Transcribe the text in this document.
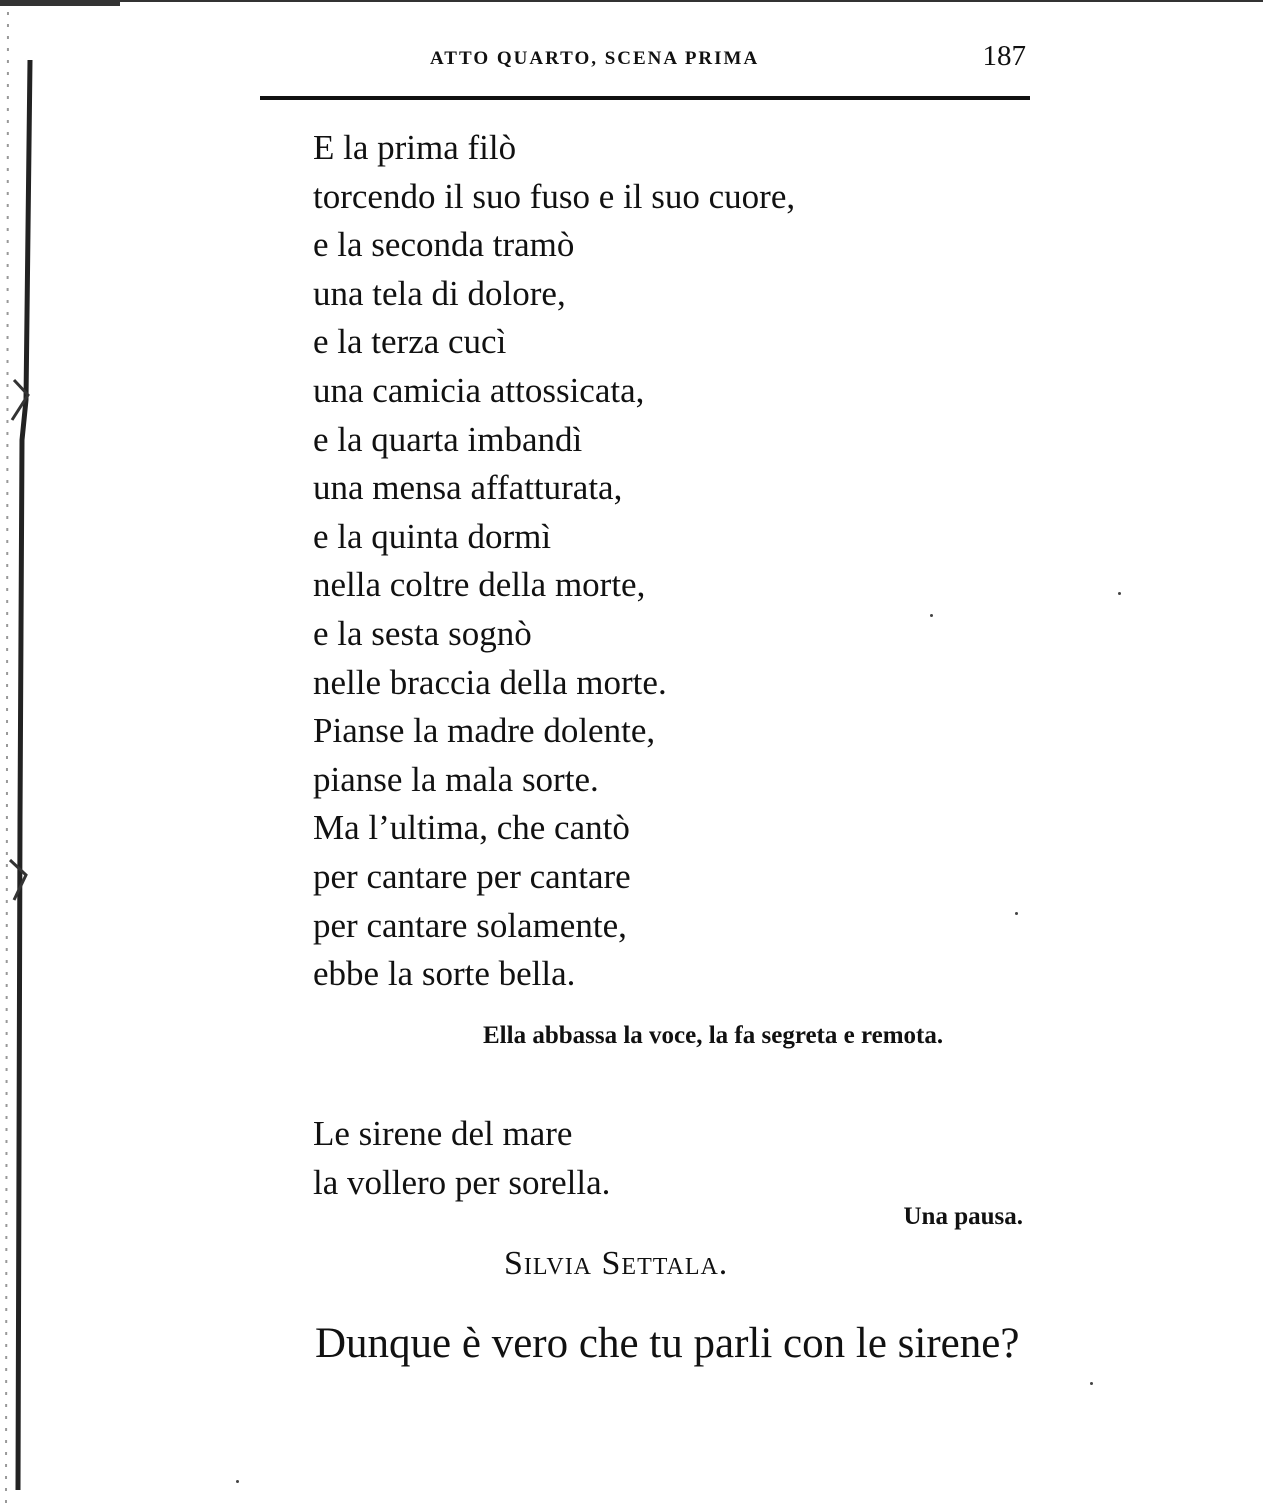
ATTO QUARTO, SCENA PRIMA	187
E la prima filò
torcendo il suo fuso e il suo cuore,
e la seconda tramò
una tela di dolore,
e la terza cucì
una camicia attossicata,
e la quarta imbandì
una mensa affatturata,
e la quinta dormì
nella coltre della morte,
e la sesta sognò
nelle braccia della morte.
Pianse la madre dolente,
pianse la mala sorte.
Ma l’ultima, che cantò
per cantare per cantare
per cantare solamente,
ebbe la sorte bella.
Ella abbassa la voce, la fa segreta e remota.
Le sirene del mare
la vollero per sorella.
Una pausa.
Silvia Settala.
Dunque è vero che tu parli con le sirene?
